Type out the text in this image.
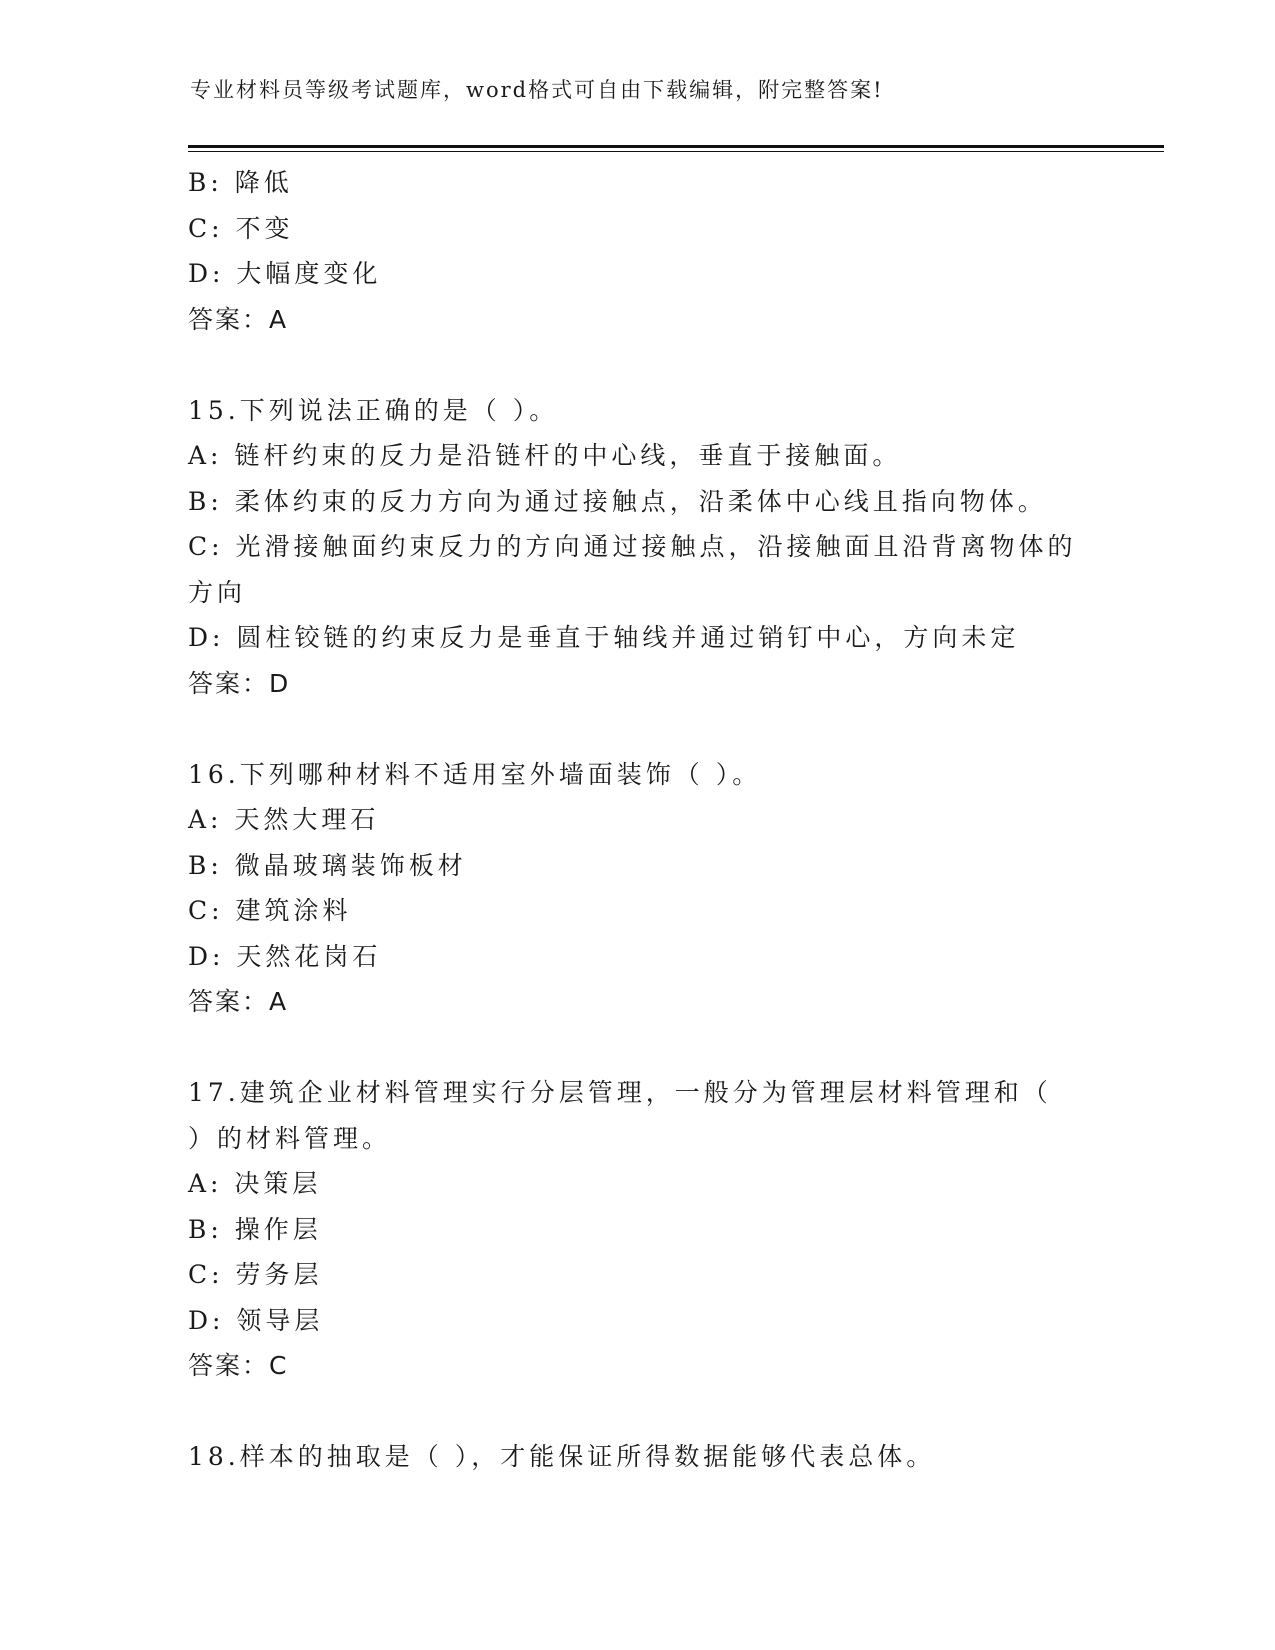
专业材料员等级考试题库，word格式可自由下载编辑，附完整答案!
B: 降低
C: 不变
D: 大幅度变化
答案：A
15.下列说法正确的是（ ）。
A: 链杆约束的反力是沿链杆的中心线，垂直于接触面。
B: 柔体约束的反力方向为通过接触点，沿柔体中心线且指向物体。
C: 光滑接触面约束反力的方向通过接触点，沿接触面且沿背离物体的
方向
D: 圆柱铰链的约束反力是垂直于轴线并通过销钉中心，方向未定
答案：D
16.下列哪种材料不适用室外墙面装饰（ ）。
A: 天然大理石
B: 微晶玻璃装饰板材
C: 建筑涂料
D: 天然花岗石
答案：A
17.建筑企业材料管理实行分层管理，一般分为管理层材料管理和（
）的材料管理。
A: 决策层
B: 操作层
C: 劳务层
D: 领导层
答案：C
18.样本的抽取是（ ），才能保证所得数据能够代表总体。
